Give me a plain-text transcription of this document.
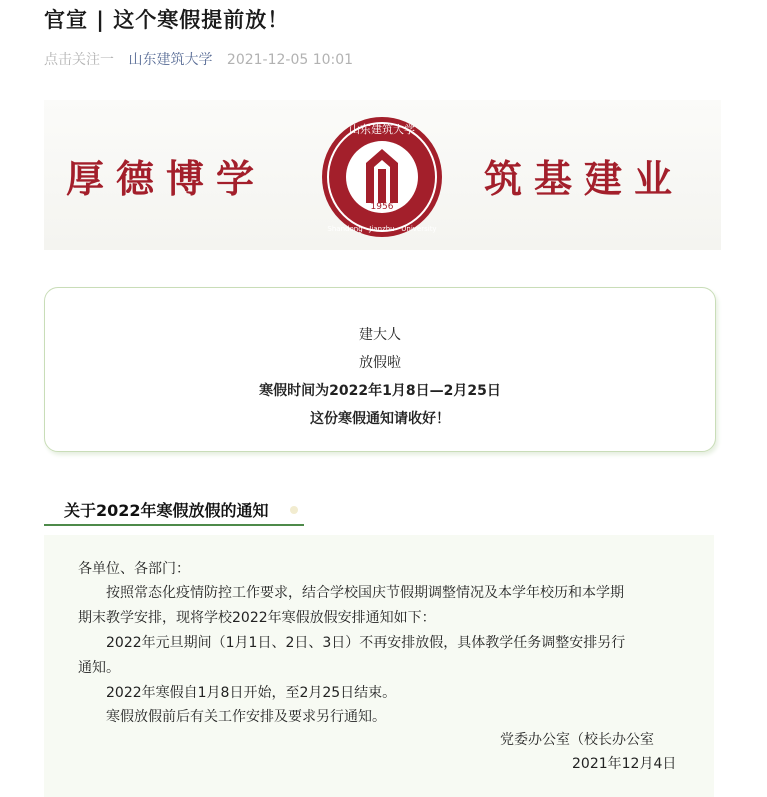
官宣 | 这个寒假提前放！
点击关注一 山东建筑大学 2021-12-05 10:01
厚德博学
1956
山东建筑大学
Shandong · Jianzhu · University
筑基建业
建大人
放假啦
寒假时间为2022年1月8日—2月25日
这份寒假通知请收好！
关于2022年寒假放假的通知
各单位、各部门：
按照常态化疫情防控工作要求，结合学校国庆节假期调整情况及本学年校历和本学期
期末教学安排，现将学校2022年寒假放假安排通知如下：
2022年元旦期间（1月1日、2日、3日）不再安排放假，具体教学任务调整安排另行
通知。
2022年寒假自1月8日开始，至2月25日结束。
寒假放假前后有关工作安排及要求另行通知。
党委办公室（校长办公室
2021年12月4日
